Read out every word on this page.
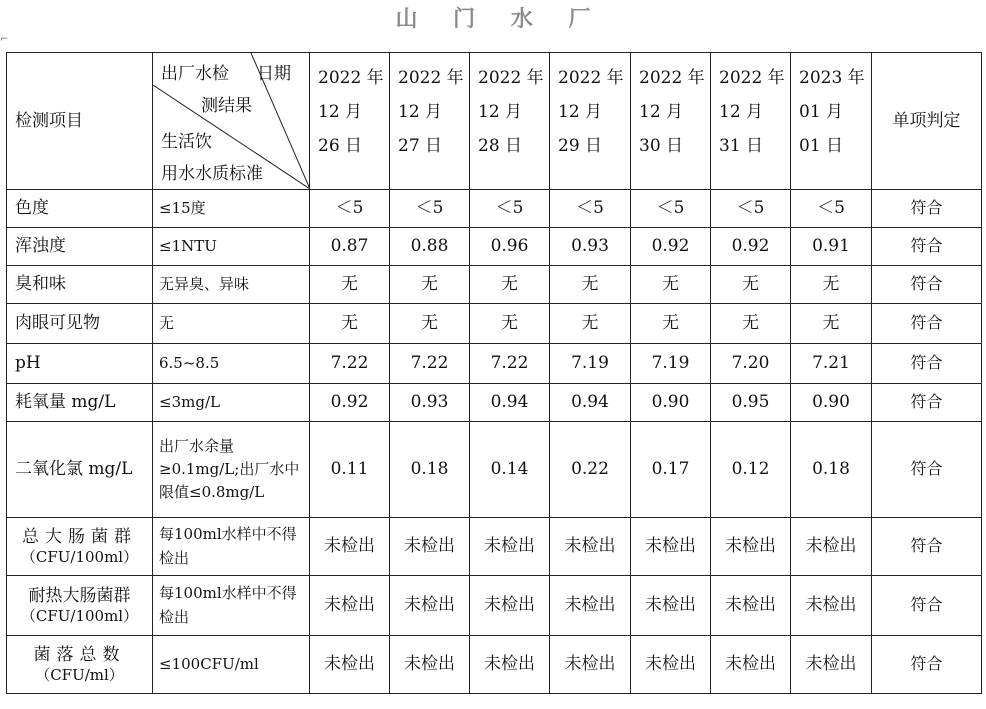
山 门 水 厂
⌐
检测项目	出厂水检 日期
测结果
生活饮
用水水质标准	2022 年
12 月
26 日	2022 年
12 月
27 日	2022 年
12 月
28 日	2022 年
12 月
29 日	2022 年
12 月
30 日	2022 年
12 月
31 日	2023 年
01 月
01 日	单项判定
色度	≤15度	＜5	＜5	＜5	＜5	＜5	＜5	＜5	符合
浑浊度	≤1NTU	0.87	0.88	0.96	0.93	0.92	0.92	0.91	符合
臭和味	无异臭、异味	无	无	无	无	无	无	无	符合
肉眼可见物	无	无	无	无	无	无	无	无	符合
pH	6.5~8.5	7.22	7.22	7.22	7.19	7.19	7.20	7.21	符合
耗氧量 mg/L	≤3mg/L	0.92	0.93	0.94	0.94	0.90	0.95	0.90	符合
二氧化氯 mg/L	出厂水余量≥0.1mg/L;出厂水中限值≤0.8mg/L	0.11	0.18	0.14	0.22	0.17	0.12	0.18	符合

总大肠菌群
（CFU/100ml）	每100ml水样中不得检出	未检出	未检出	未检出	未检出	未检出	未检出	未检出	符合

耐热大肠菌群
（CFU/100ml）	每100ml水样中不得检出	未检出	未检出	未检出	未检出	未检出	未检出	未检出	符合

菌落总数
（CFU/ml）	≤100CFU/ml	未检出	未检出	未检出	未检出	未检出	未检出	未检出	符合
